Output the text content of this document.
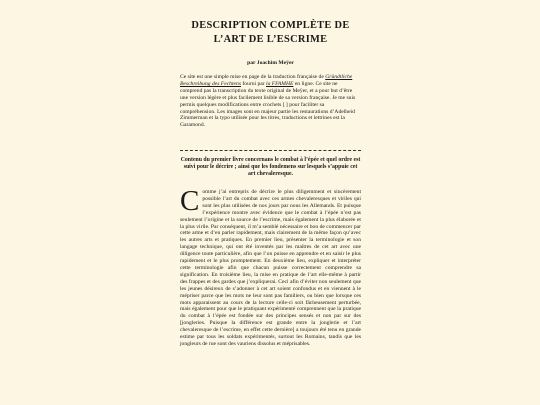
DESCRIPTION COMPLÈTE DE L’ART DE L’ESCRIME
par Joachim Meÿer
Ce site est une simple mise en page de la traduction française de Gründtliche Beschreibung des Fechtens fourni par la FFAMHE en ligne. Ce site ne comprend pas la transcription du texte original de Meÿer, et a pour but d’être une version légère et plus facilement lisible de sa version française. Je me suis permis quelques modifications entre crochets [ ] pour faciliter sa compréhension. Les images sont en majeur partie les restaurations d’Adelheid Zimmerman et la typo utilisée pour les titres, traductions et lettrines est la Garamond.
Contenu du premier livre concernans le combat à l’épée et quel ordre est suivi pour le décrire ; ainsi que les fondemens sur lesquels s’appuie cet art chevaleresque.
Comme j’ai entrepris de décrire le plus diligemment et sincèrement possible l’art du combat avec ces armes chevaleresques et viriles qui sont les plus utilisées de nos jours par nous les Allemands. Et puisque l’expérience montre avec évidence que le combat à l’épée n’est pas seulement l’origine et la source de l’escrime, mais également la plus élaborée et la plus virile. Par conséquent, il m’a semblé nécessaire et bon de commencer par cette arme et d’en parler rapidement, mais clairement de la même façon qu’avec les autres arts et pratiques. En premier lieu, présenter la terminologie et son langage technique, qui ont été inventés par les maîtres de cet art avec une diligence toute particulière, afin que l’on puisse en apprendre et en saisir le plus rapidement et le plus promptement. En deuxième lieu, expliquer et interpréter cette terminologie afin que chacun puisse correctement comprendre sa signification. En troisième lieu, la mise en pratique de l’art elle-même à partir des frappes et des gardes que j’expliquerai. Ceci afin d’éviter non seulement que les jeunes désireux de s’adonner à cet art soient confondus et en viennent à le mépriser parce que les mots ne leur sont pas familiers, ou bien que lorsque ces mots apparaissent au cours de la lecture celle-ci soit fâcheusement perturbée, mais également pour que le pratiquant expérimenté comprennent que la pratique du combat à l’épée est fondée sur des principes sensés et non par sur des [jongleries. Puisque la différence est grande entre la jonglerie et l’art chevaleresque de l’escrime, en effet cette dernière] a toujours été tenu en grande estime par tous les soldats expérimentés, surtout les Romains, tandis que les jongleurs de rue sont des vauriens dissolus et méprisables.
